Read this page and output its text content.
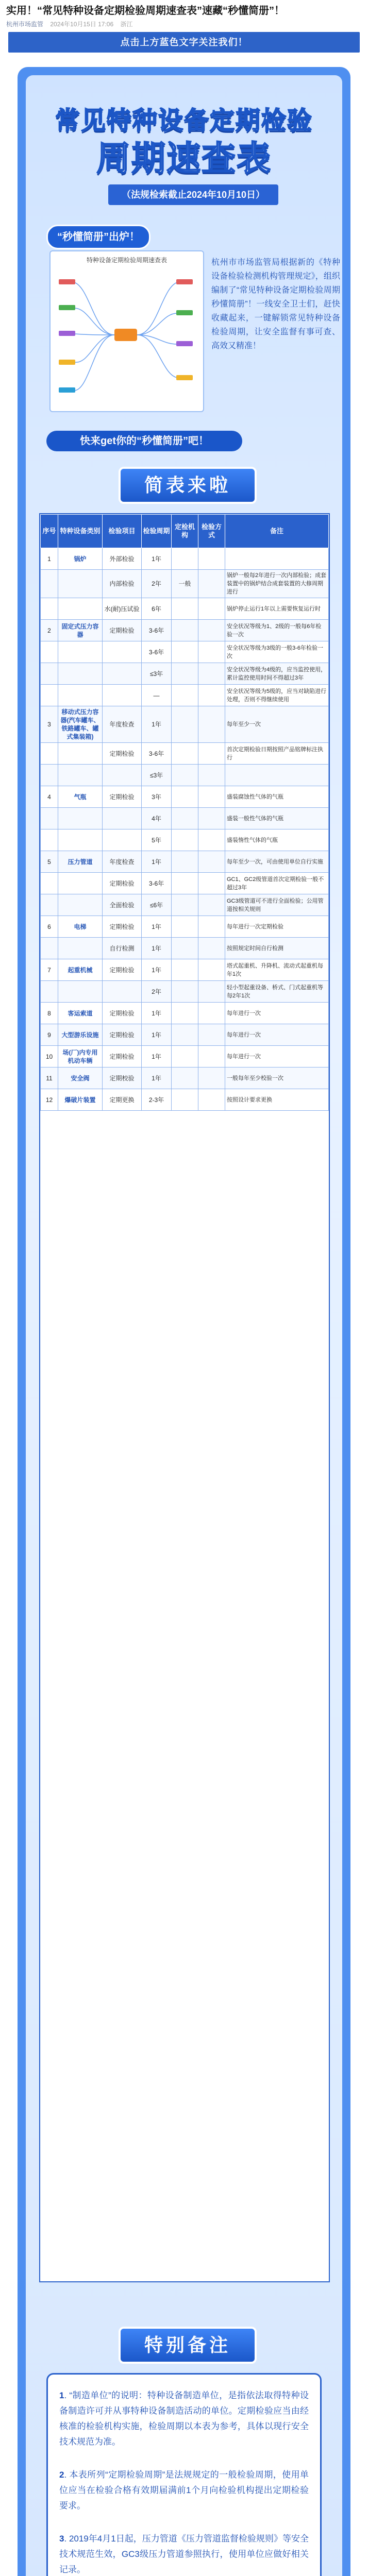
实用！“常见特种设备定期检验周期速查表”速藏“秒懂简册”！
杭州市场监管 2024年10月15日 17:06 浙江
点击上方蓝色文字关注我们！
常见特种设备定期检验
周期速查表
（法规检索截止2024年10月10日）
“秒懂简册”出炉！
特种设备定期检验周期速查表	杭州市市场监管局根据新的《特种设备检验检测机构管理规定》，组织编制了“常见特种设备定期检验周期秒懂简册”！一线安全卫士们，赶快收藏起来，一键解锁常见特种设备检验周期，让安全监督有事可查、高效又精准！
快来get你的“秒懂简册”吧！
简表来啦
序号	特种设备类别	检验项目	检验周期	定检机构	检验方式	备注
1	锅炉	外部检验	1年			
		内部检验	2年	一般		锅炉一般每2年进行一次内部检验；成套装置中的锅炉结合成套装置的大修周期进行
		水(耐)压试验	6年			锅炉停止运行1年以上需要恢复运行时
2	固定式压力容器	定期检验	3-6年			安全状况等级为1、2级的一般每6年检验一次
			3-6年			安全状况等级为3级的一般3-6年检验一次
			≤3年			安全状况等级为4级的，应当监控使用，累计监控使用时间不得超过3年
			—			安全状况等级为5级的，应当对缺陷进行处理，否则不得继续使用
3	移动式压力容器(汽车罐车、铁路罐车、罐式集装箱)	年度检查	1年			每年至少一次
		定期检验	3-6年			首次定期检验日期按照产品铭牌标注执行
			≤3年			
4	气瓶	定期检验	3年			盛装腐蚀性气体的气瓶
			4年			盛装一般性气体的气瓶
			5年			盛装惰性气体的气瓶
5	压力管道	年度检查	1年			每年至少一次，可由使用单位自行实施
		定期检验	3-6年			GC1、GC2级管道首次定期检验一般不超过3年
		全面检验	≤6年			GC3级管道可不进行全面检验；公用管道按相关规则
6	电梯	定期检验	1年			每年进行一次定期检验
		自行检测	1年			按照规定时间自行检测
7	起重机械	定期检验	1年			塔式起重机、升降机、流动式起重机每年1次
			2年			轻小型起重设备、桥式、门式起重机等每2年1次
8	客运索道	定期检验	1年			每年进行一次
9	大型游乐设施	定期检验	1年			每年进行一次
10	场(厂)内专用机动车辆	定期检验	1年			每年进行一次
11	安全阀	定期校验	1年			一般每年至少校验一次
12	爆破片装置	定期更换	2-3年			按照设计要求更换
特别备注
1. “制造单位”的说明：特种设备制造单位，是指依法取得特种设备制造许可并从事特种设备制造活动的单位。定期检验应当由经核准的检验机构实施，检验周期以本表为参考，具体以现行安全技术规范为准。
2. 本表所列“定期检验周期”是法规规定的一般检验周期，使用单位应当在检验合格有效期届满前1个月向检验机构提出定期检验要求。
3. 2019年4月1日起，压力管道《压力管道监督检验规则》等安全技术规范生效，GC3级压力管道参照执行，使用单位应做好相关记录。
